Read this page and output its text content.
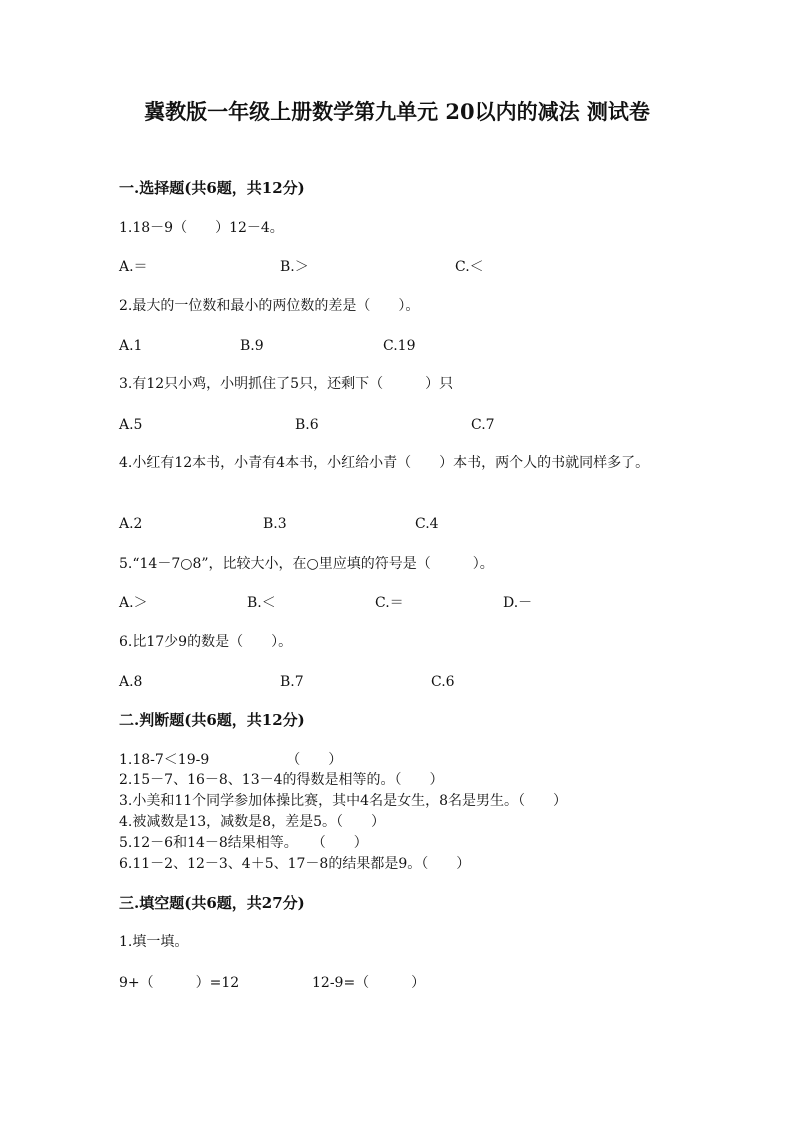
冀教版一年级上册数学第九单元 20以内的减法 测试卷
一.选择题(共6题，共12分)
1.18－9（　　）12－4。
A.＝	B.＞	C.＜
2.最大的一位数和最小的两位数的差是（　　）。
A.1	B.9	C.19
3.有12只小鸡，小明抓住了5只，还剩下（　　　）只
A.5	B.6	C.7
4.小红有12本书，小青有4本书，小红给小青（　　）本书，两个人的书就同样多了。
A.2	B.3	C.4
5.“14－7○8”，比较大小，在○里应填的符号是（　　　）。
A.＞	B.＜	C.＝	D.－
6.比17少9的数是（　　）。
A.8	B.7	C.6
二.判断题(共6题，共12分)
1.18-7＜19-9　　　　　　（　　）
2.15－7、16－8、13－4的得数是相等的。（　　）
3.小美和11个同学参加体操比赛，其中4名是女生，8名是男生。（　　）
4.被减数是13，减数是8，差是5。（　　）
5.12－6和14－8结果相等。　　（　　）
6.11－2、12－3、4＋5、17－8的结果都是9。（　　）
三.填空题(共6题，共27分)
1.填一填。
9+（　　　）=12	12-9=（　　　）
